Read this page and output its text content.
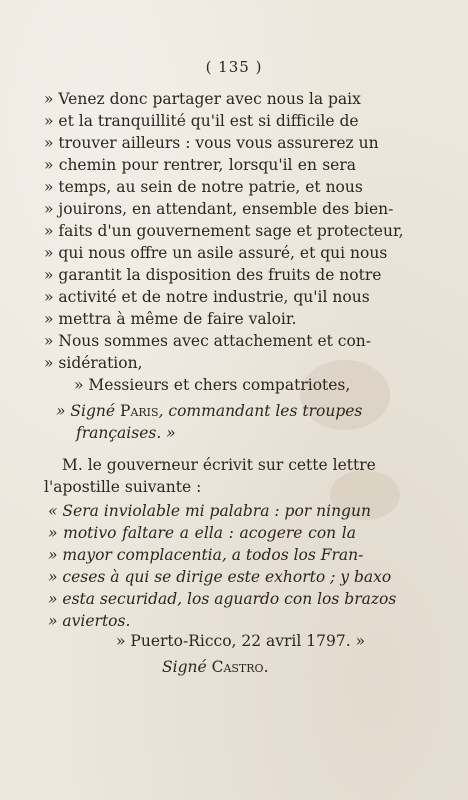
( 135 )
» Venez donc partager avec nous la paix
» et la tranquillité qu'il est si difficile de
» trouver ailleurs : vous vous assurerez un
» chemin pour rentrer, lorsqu'il en sera
» temps, au sein de notre patrie, et nous
» jouirons, en attendant, ensemble des bien-
» faits d'un gouvernement sage et protecteur,
» qui nous offre un asile assuré, et qui nous
» garantit la disposition des fruits de notre
» activité et de notre industrie, qu'il nous
» mettra à même de faire valoir.
» Nous sommes avec attachement et con-
» sidération,
» Messieurs et chers compatriotes,
» Signé Paris, commandant les troupes
françaises. »
M. le gouverneur écrivit sur cette lettre
l'apostille suivante :
« Sera inviolable mi palabra : por ningun
» motivo faltare a ella : acogere con la
» mayor complacentia, a todos los Fran-
» ceses à qui se dirige este exhorto ; y baxo
» esta securidad, los aguardo con los brazos
» aviertos.
» Puerto-Ricco, 22 avril 1797. »
Signé Castro.
